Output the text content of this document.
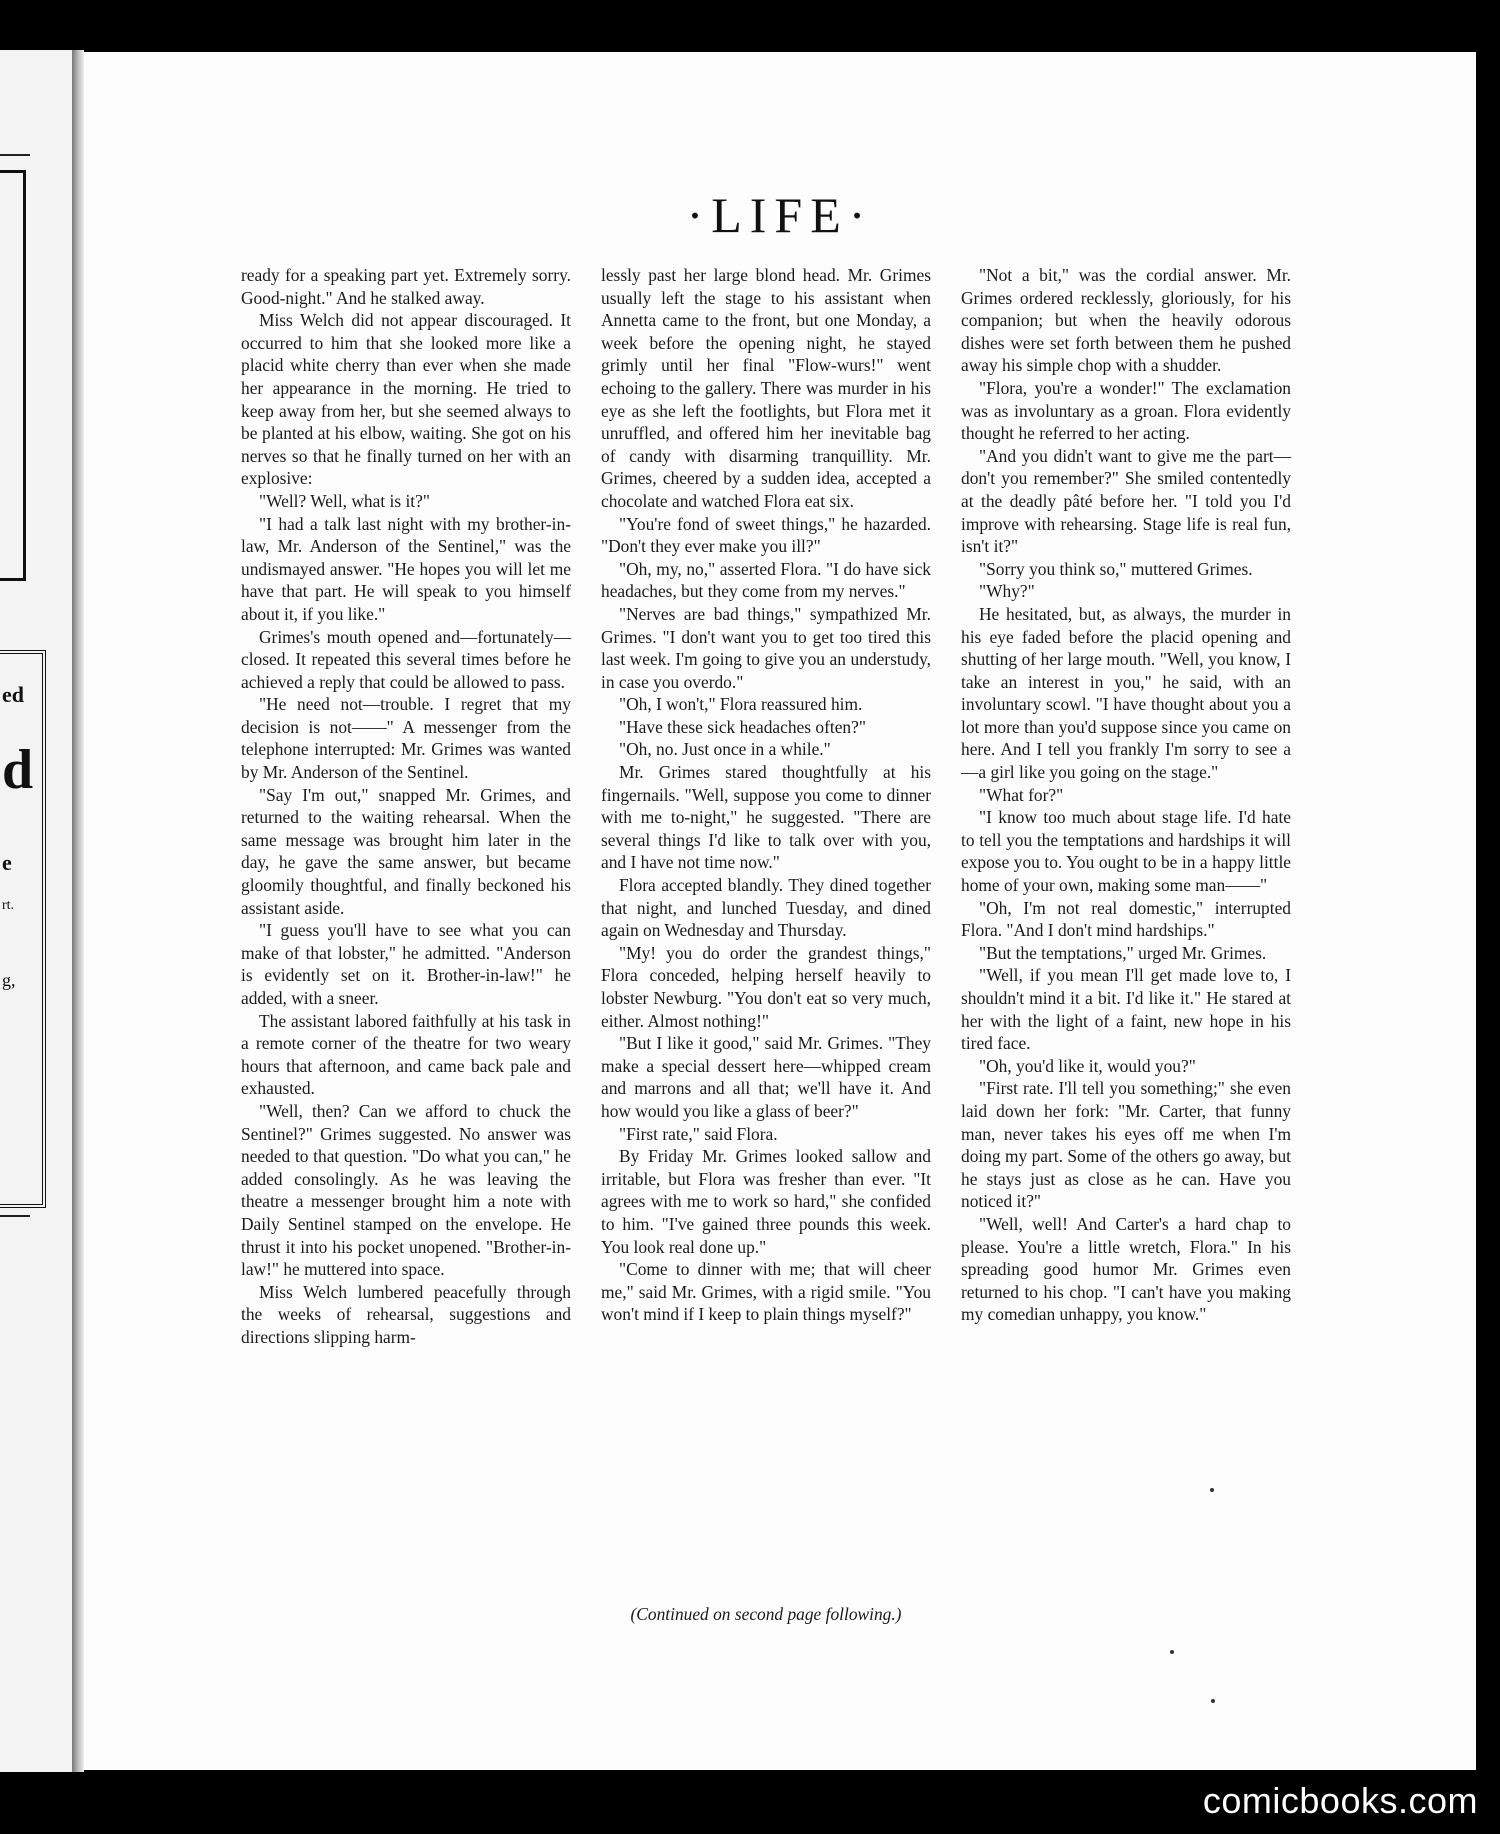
ed
d
e
rt.
g,
·LIFE·

ready for a speaking part yet. Extremely sorry. Good-night." And he stalked away.

Miss Welch did not appear discouraged. It occurred to him that she looked more like a placid white cherry than ever when she made her appearance in the morning. He tried to keep away from her, but she seemed always to be planted at his elbow, waiting. She got on his nerves so that he finally turned on her with an explosive:

"Well? Well, what is it?"

"I had a talk last night with my brother-in-law, Mr. Anderson of the Sentinel," was the undismayed answer. "He hopes you will let me have that part. He will speak to you himself about it, if you like."

Grimes's mouth opened and—fortunately—closed. It repeated this several times before he achieved a reply that could be allowed to pass.

"He need not—trouble. I regret that my decision is not——" A messenger from the telephone interrupted: Mr. Grimes was wanted by Mr. Anderson of the Sentinel.

"Say I'm out," snapped Mr. Grimes, and returned to the waiting rehearsal. When the same message was brought him later in the day, he gave the same answer, but became gloomily thoughtful, and finally beckoned his assistant aside.

"I guess you'll have to see what you can make of that lobster," he admitted. "Anderson is evidently set on it. Brother-in-law!" he added, with a sneer.

The assistant labored faithfully at his task in a remote corner of the theatre for two weary hours that afternoon, and came back pale and exhausted.

"Well, then? Can we afford to chuck the Sentinel?" Grimes suggested. No answer was needed to that question. "Do what you can," he added consolingly. As he was leaving the theatre a messenger brought him a note with Daily Sentinel stamped on the envelope. He thrust it into his pocket unopened. "Brother-in-law!" he muttered into space.

Miss Welch lumbered peacefully through the weeks of rehearsal, suggestions and directions slipping harm-

lessly past her large blond head. Mr. Grimes usually left the stage to his assistant when Annetta came to the front, but one Monday, a week before the opening night, he stayed grimly until her final "Flow-wurs!" went echoing to the gallery. There was murder in his eye as she left the footlights, but Flora met it unruffled, and offered him her inevitable bag of candy with disarming tranquillity. Mr. Grimes, cheered by a sudden idea, accepted a chocolate and watched Flora eat six.

"You're fond of sweet things," he hazarded. "Don't they ever make you ill?"

"Oh, my, no," asserted Flora. "I do have sick headaches, but they come from my nerves."

"Nerves are bad things," sympathized Mr. Grimes. "I don't want you to get too tired this last week. I'm going to give you an understudy, in case you overdo."

"Oh, I won't," Flora reassured him.

"Have these sick headaches often?"

"Oh, no. Just once in a while."

Mr. Grimes stared thoughtfully at his fingernails. "Well, suppose you come to dinner with me to-night," he suggested. "There are several things I'd like to talk over with you, and I have not time now."

Flora accepted blandly. They dined together that night, and lunched Tuesday, and dined again on Wednesday and Thursday.

"My! you do order the grandest things," Flora conceded, helping herself heavily to lobster Newburg. "You don't eat so very much, either. Almost nothing!"

"But I like it good," said Mr. Grimes. "They make a special dessert here—whipped cream and marrons and all that; we'll have it. And how would you like a glass of beer?"

"First rate," said Flora.

By Friday Mr. Grimes looked sallow and irritable, but Flora was fresher than ever. "It agrees with me to work so hard," she confided to him. "I've gained three pounds this week. You look real done up."

"Come to dinner with me; that will cheer me," said Mr. Grimes, with a rigid smile. "You won't mind if I keep to plain things myself?"

"Not a bit," was the cordial answer. Mr. Grimes ordered recklessly, gloriously, for his companion; but when the heavily odorous dishes were set forth between them he pushed away his simple chop with a shudder.

"Flora, you're a wonder!" The exclamation was as involuntary as a groan. Flora evidently thought he referred to her acting.

"And you didn't want to give me the part—don't you remember?" She smiled contentedly at the deadly pâté before her. "I told you I'd improve with rehearsing. Stage life is real fun, isn't it?"

"Sorry you think so," muttered Grimes.

"Why?"

He hesitated, but, as always, the murder in his eye faded before the placid opening and shutting of her large mouth. "Well, you know, I take an interest in you," he said, with an involuntary scowl. "I have thought about you a lot more than you'd suppose since you came on here. And I tell you frankly I'm sorry to see a—a girl like you going on the stage."

"What for?"

"I know too much about stage life. I'd hate to tell you the temptations and hardships it will expose you to. You ought to be in a happy little home of your own, making some man——"

"Oh, I'm not real domestic," interrupted Flora. "And I don't mind hardships."

"But the temptations," urged Mr. Grimes.

"Well, if you mean I'll get made love to, I shouldn't mind it a bit. I'd like it." He stared at her with the light of a faint, new hope in his tired face.

"Oh, you'd like it, would you?"

"First rate. I'll tell you something;" she even laid down her fork: "Mr. Carter, that funny man, never takes his eyes off me when I'm doing my part. Some of the others go away, but he stays just as close as he can. Have you noticed it?"

"Well, well! And Carter's a hard chap to please. You're a little wretch, Flora." In his spreading good humor Mr. Grimes even returned to his chop. "I can't have you making my comedian unhappy, you know."

(Continued on second page following.)
comicbooks.com
